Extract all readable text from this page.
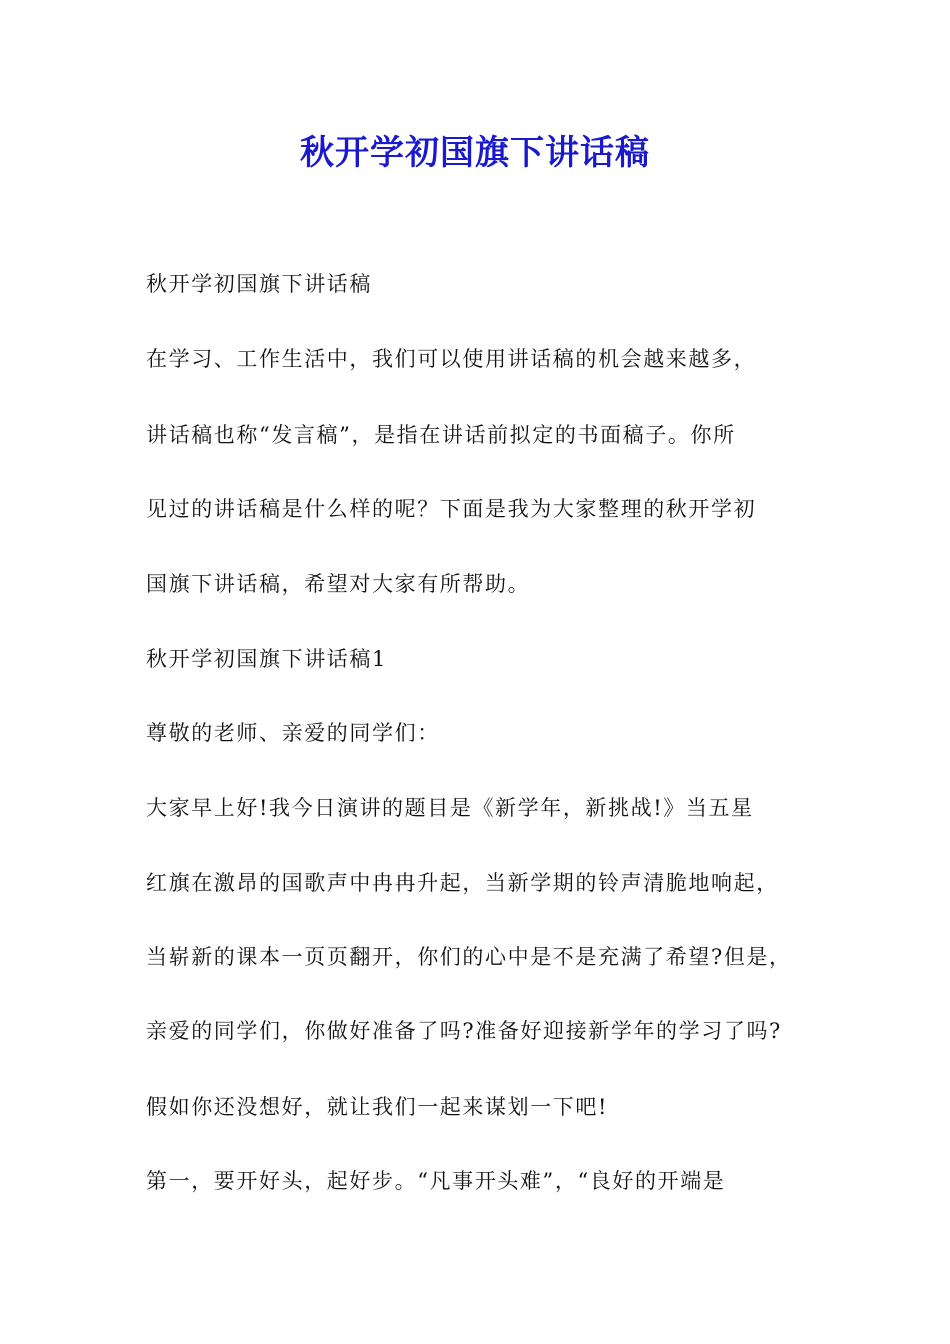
秋开学初国旗下讲话稿

秋开学初国旗下讲话稿

在学习、工作生活中，我们可以使用讲话稿的机会越来越多，

讲话稿也称“发言稿”，是指在讲话前拟定的书面稿子。你所

见过的讲话稿是什么样的呢？下面是我为大家整理的秋开学初

国旗下讲话稿，希望对大家有所帮助。

秋开学初国旗下讲话稿1

尊敬的老师、亲爱的同学们：

大家早上好!我今日演讲的题目是《新学年，新挑战!》当五星

红旗在激昂的国歌声中冉冉升起，当新学期的铃声清脆地响起，

当崭新的课本一页页翻开，你们的心中是不是充满了希望?但是，

亲爱的同学们，你做好准备了吗?准备好迎接新学年的学习了吗?

假如你还没想好，就让我们一起来谋划一下吧!

第一，要开好头，起好步。“凡事开头难”，“良好的开端是
